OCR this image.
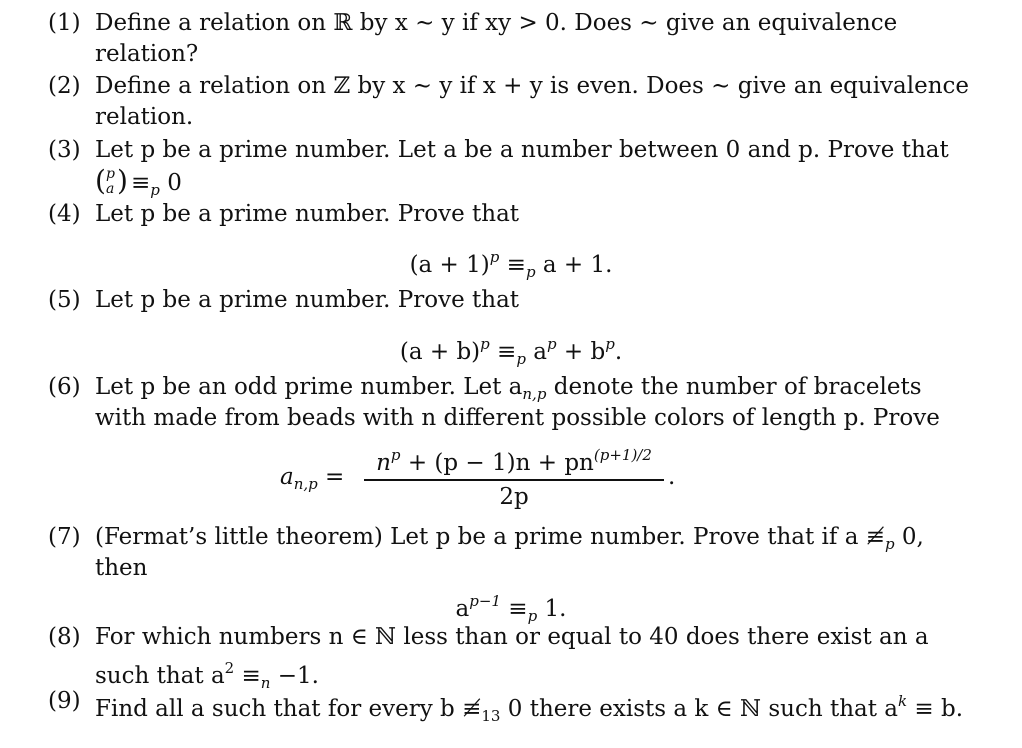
(1) Define a relation on ℝ by x ∼ y if xy > 0. Does ∼ give an equivalence
relation?
(2) Define a relation on ℤ by x ∼ y if x + y is even. Does ∼ give an equivalence
relation.
(3) Let p be a prime number. Let a be a number between 0 and p. Prove that
( p
a ) $\equiv_p$ 0
(4) Let p be a prime number. Prove that
$(a + 1)^p \equiv_p$ a + 1.
(5) Let p be a prime number. Prove that
$(a + b)^p \equiv_p$ $a^p + b^p$.
(6) Let p be an odd prime number. Let $a_{n,p}$ denote the number of bracelets
with made from beads with n different possible colors of length p. Prove
$a_{n,p}$ =
$n^p + (p - 1)n + pn^{(p+1)/2}$
2p
.
(7) (Fermat’s little theorem) Let p be a prime number. Prove that if a $≢_p$ 0,
then
$a^{p-1} \equiv_p$ 1.
(8) For which numbers n ∈ ℕ less than or equal to 40 does there exist an a
such that $a^2 \equiv_n -1$.
(9) Find all a such that for every b $≢_{13}$ 0 there exists a k ∈ ℕ such that $a^k \equiv b$.
